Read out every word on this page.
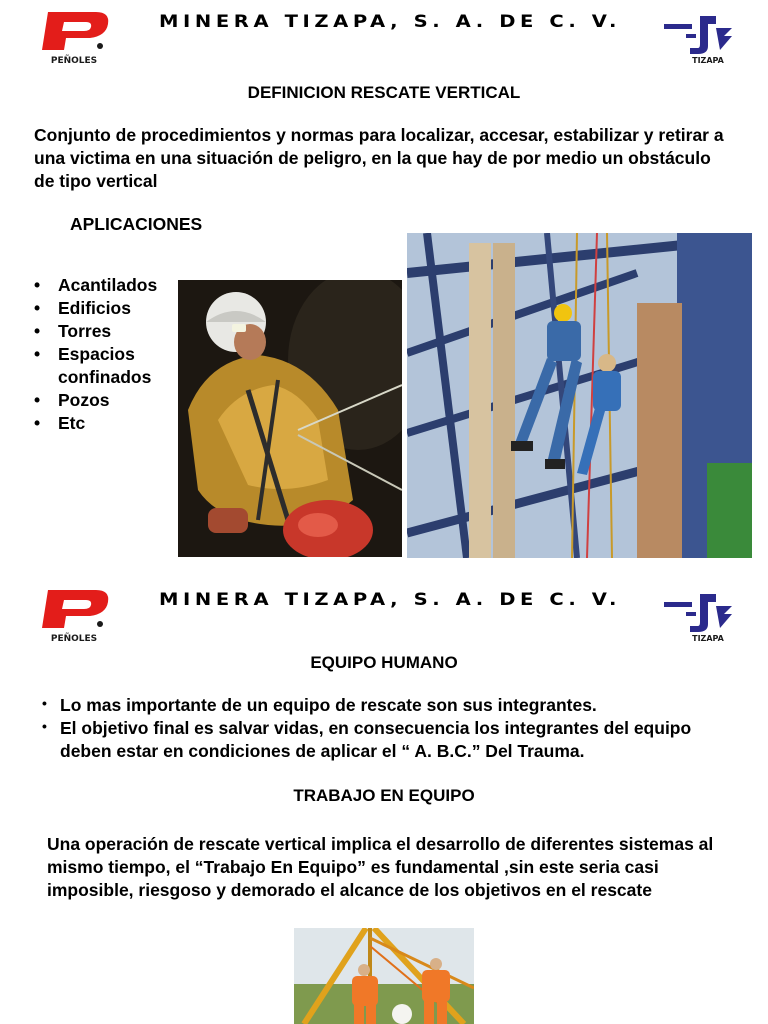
PEÑOLES
MINERA TIZAPA, S. A. DE C. V.
TIZAPA
DEFINICION RESCATE VERTICAL
Conjunto de procedimientos y normas para localizar, accesar, estabilizar y retirar a una victima en una situación de peligro, en la que hay de por medio un obstáculo de tipo vertical
APLICACIONES
• Acantilados
• Edificios
• Torres
• Espacios   confinados
• Pozos
• Etc
PEÑOLES
MINERA TIZAPA, S. A. DE C. V.
TIZAPA
EQUIPO HUMANO
• Lo mas importante de un equipo de rescate son sus integrantes.
• El objetivo final es salvar vidas, en consecuencia los integrantes del equipo deben estar en condiciones de aplicar el “ A. B.C.” Del Trauma.
TRABAJO EN EQUIPO
Una operación de rescate vertical implica el desarrollo de diferentes sistemas al mismo tiempo, el “Trabajo En Equipo” es fundamental ,sin este seria casi imposible, riesgoso y demorado el alcance de los objetivos en el rescate
